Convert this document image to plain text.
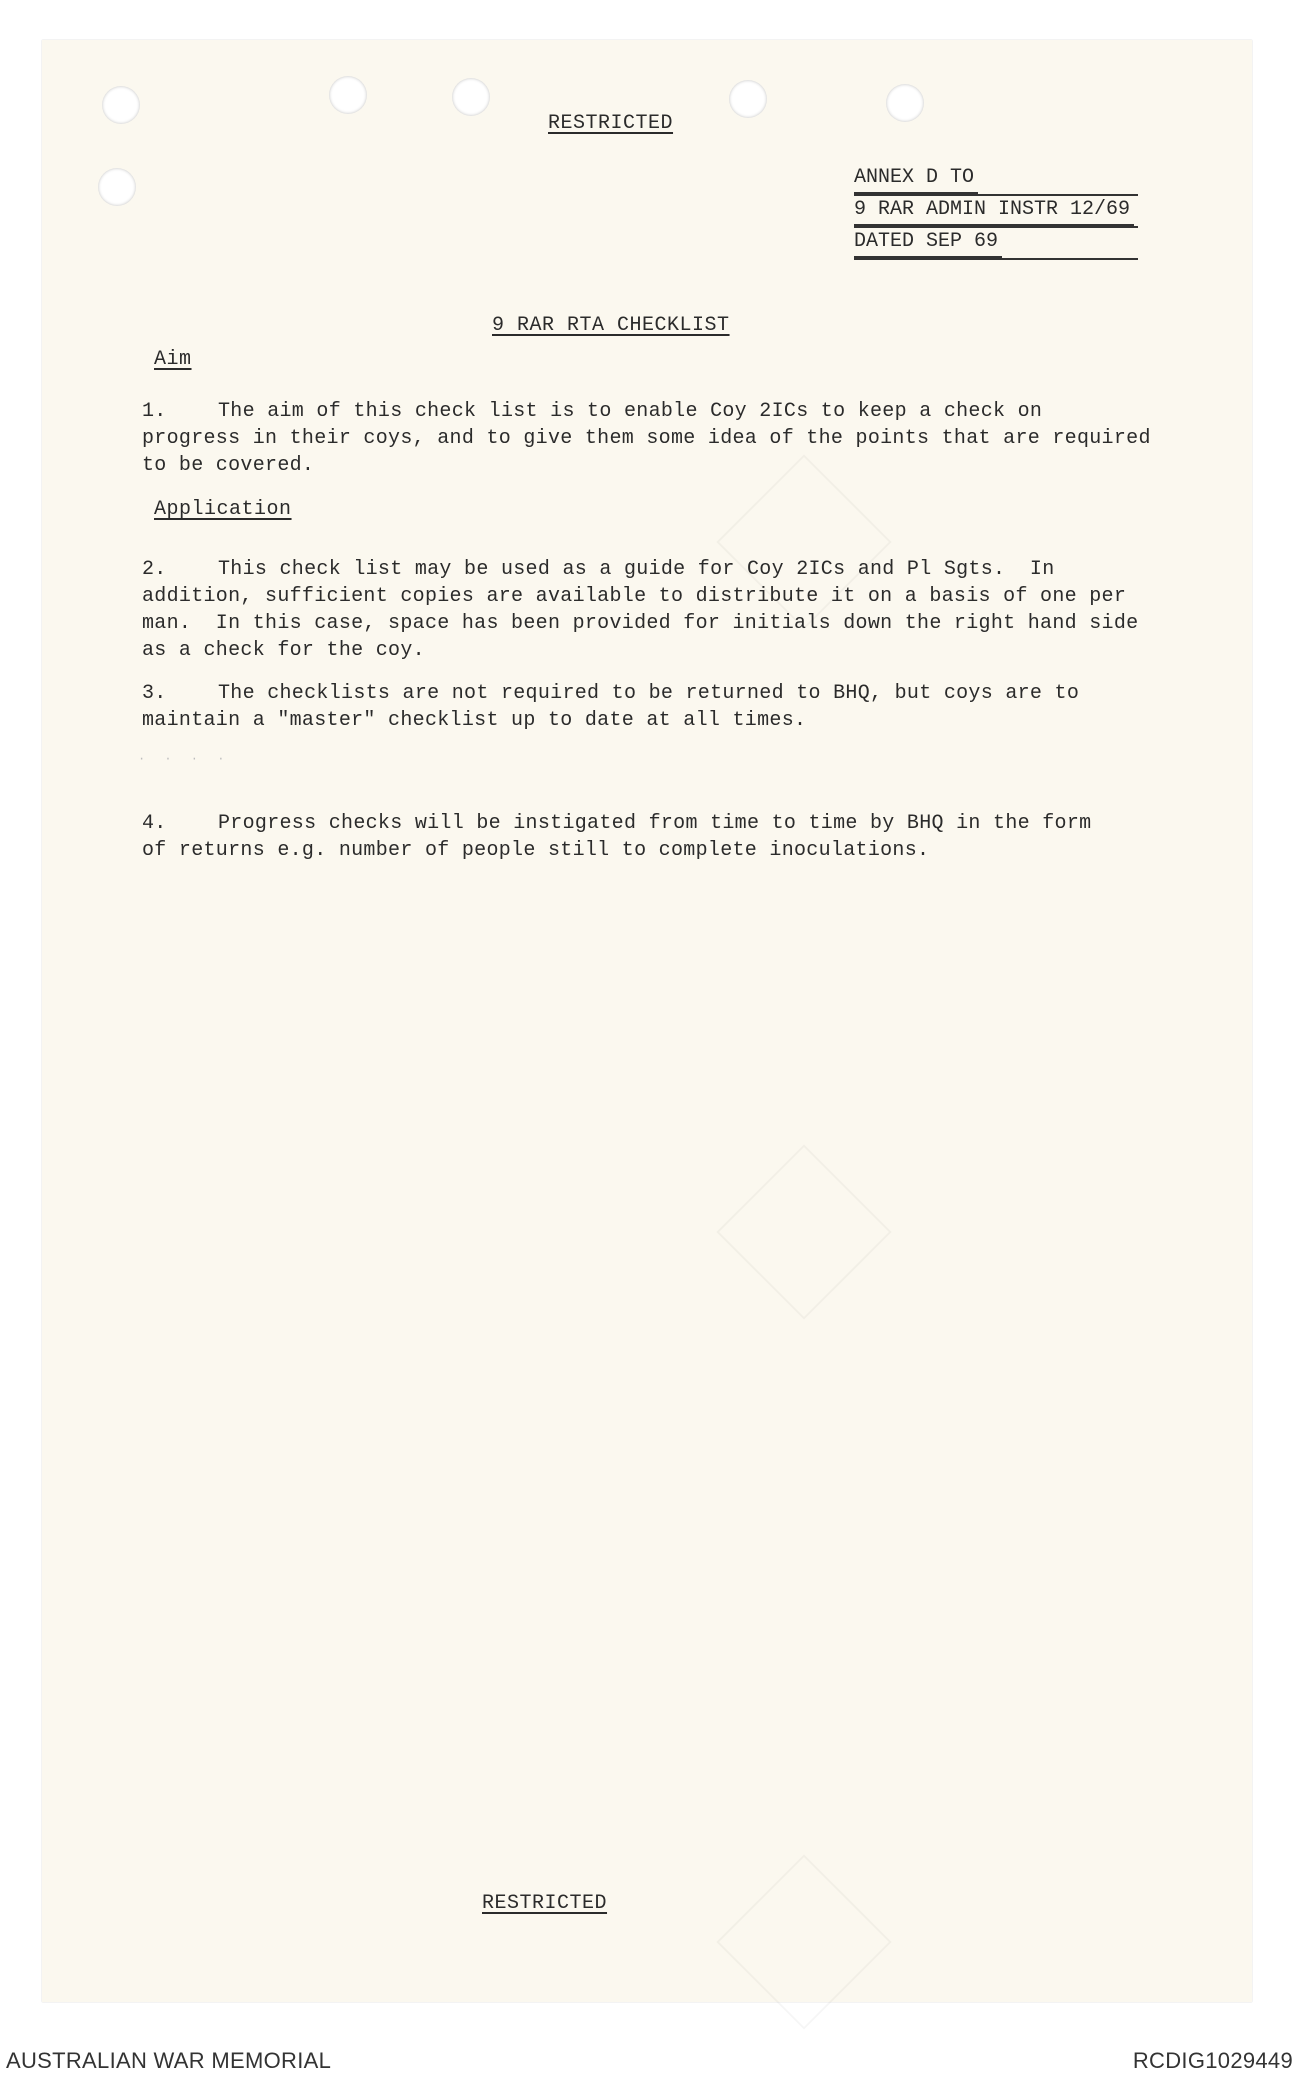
RESTRICTED
ANNEX D TO
9 RAR ADMIN INSTR 12/69
DATED SEP 69
9 RAR RTA CHECKLIST
Aim
1.	The aim of this check list is to enable Coy 2ICs to keep a check on
progress in their coys, and to give them some idea of the points that are required
to be covered.
Application
2.	This check list may be used as a guide for Coy 2ICs and Pl Sgts.  In
addition, sufficient copies are available to distribute it on a basis of one per
man.  In this case, space has been provided for initials down the right hand side
as a check for the coy.
3.	The checklists are not required to be returned to BHQ, but coys are to
maintain a "master" checklist up to date at all times.
· · · ·
4.	Progress checks will be instigated from time to time by BHQ in the form
of returns e.g. number of people still to complete inoculations.
RESTRICTED
AUSTRALIAN WAR MEMORIAL	RCDIG1029449
